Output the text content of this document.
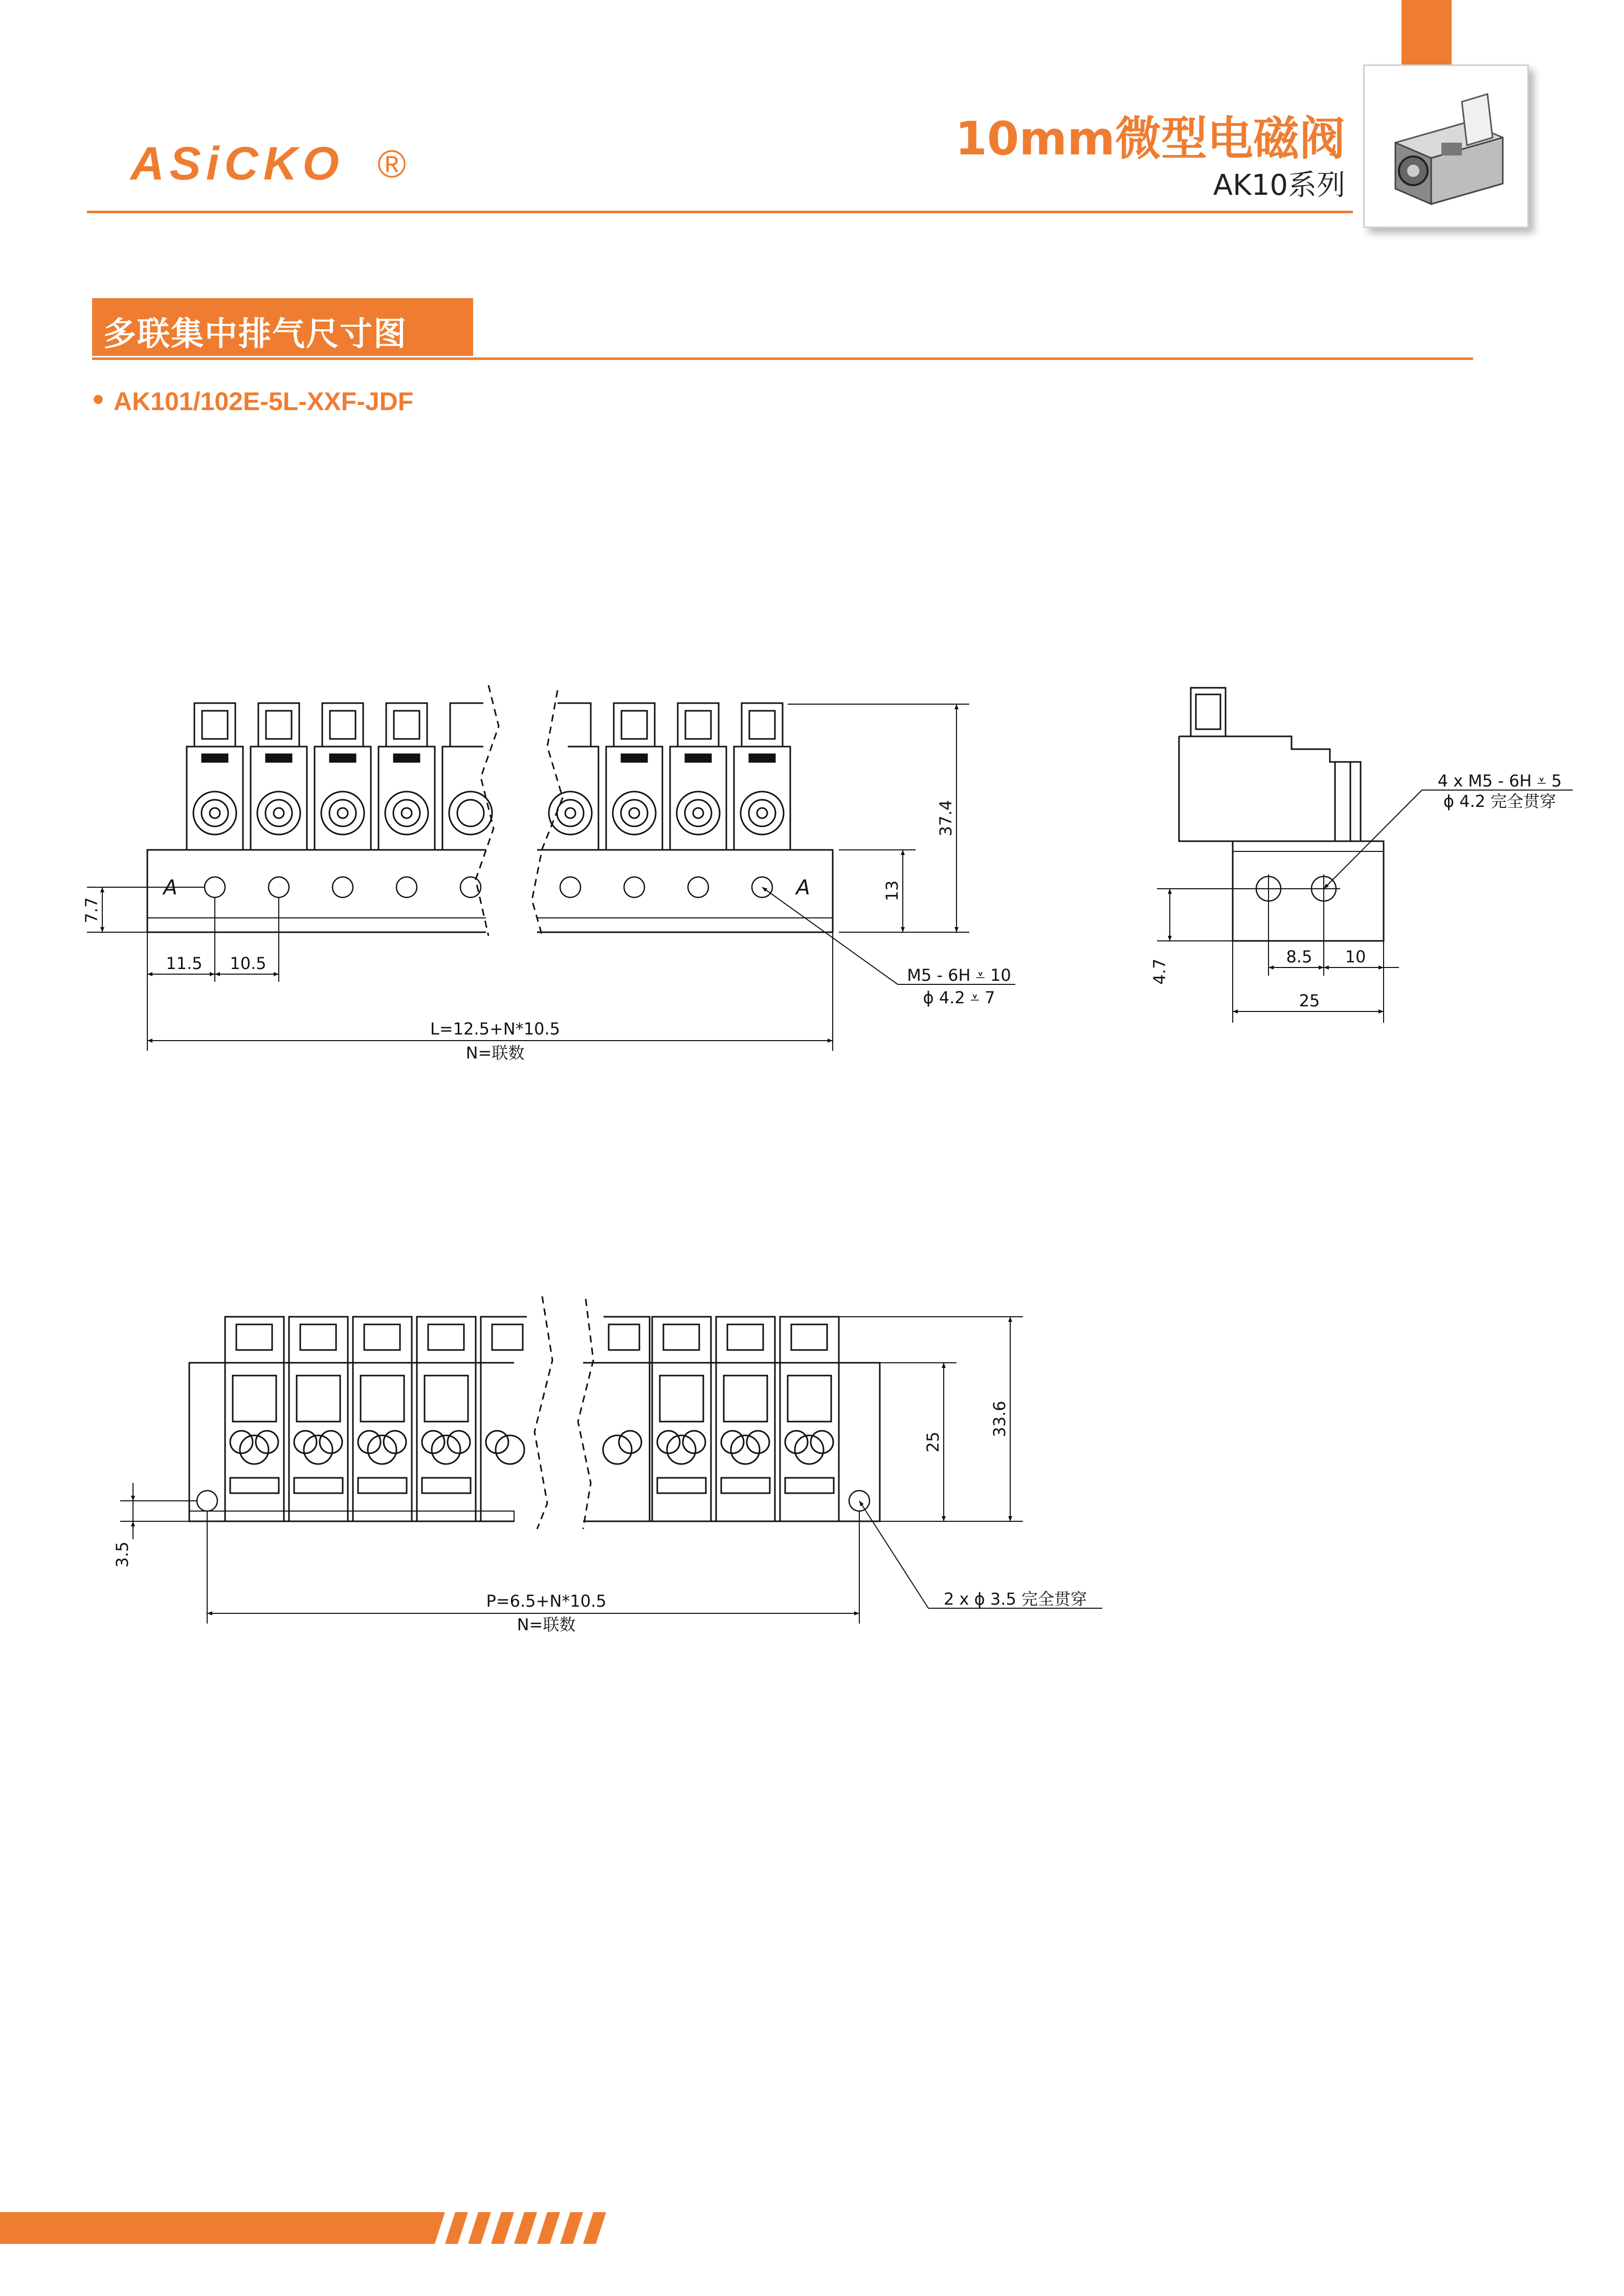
ASiCKO ®	10mm微型电磁阀
AK10系列
多联集中排气尺寸图
• AK101/102E-5L-XXF-JDF
A	A
37.4
13
7.7
11.5 10.5
M5 - 6H ⩡ 10
ϕ 4.2 ⩡ 7
L=12.5+N*10.5
N=联数
4 x M5 - 6H ⩡ 5
ϕ 4.2 完全贯穿
4.7
8.5 10
25
33.6
25
3.5
P=6.5+N*10.5
N=联数
2 x ϕ 3.5 完全贯穿
